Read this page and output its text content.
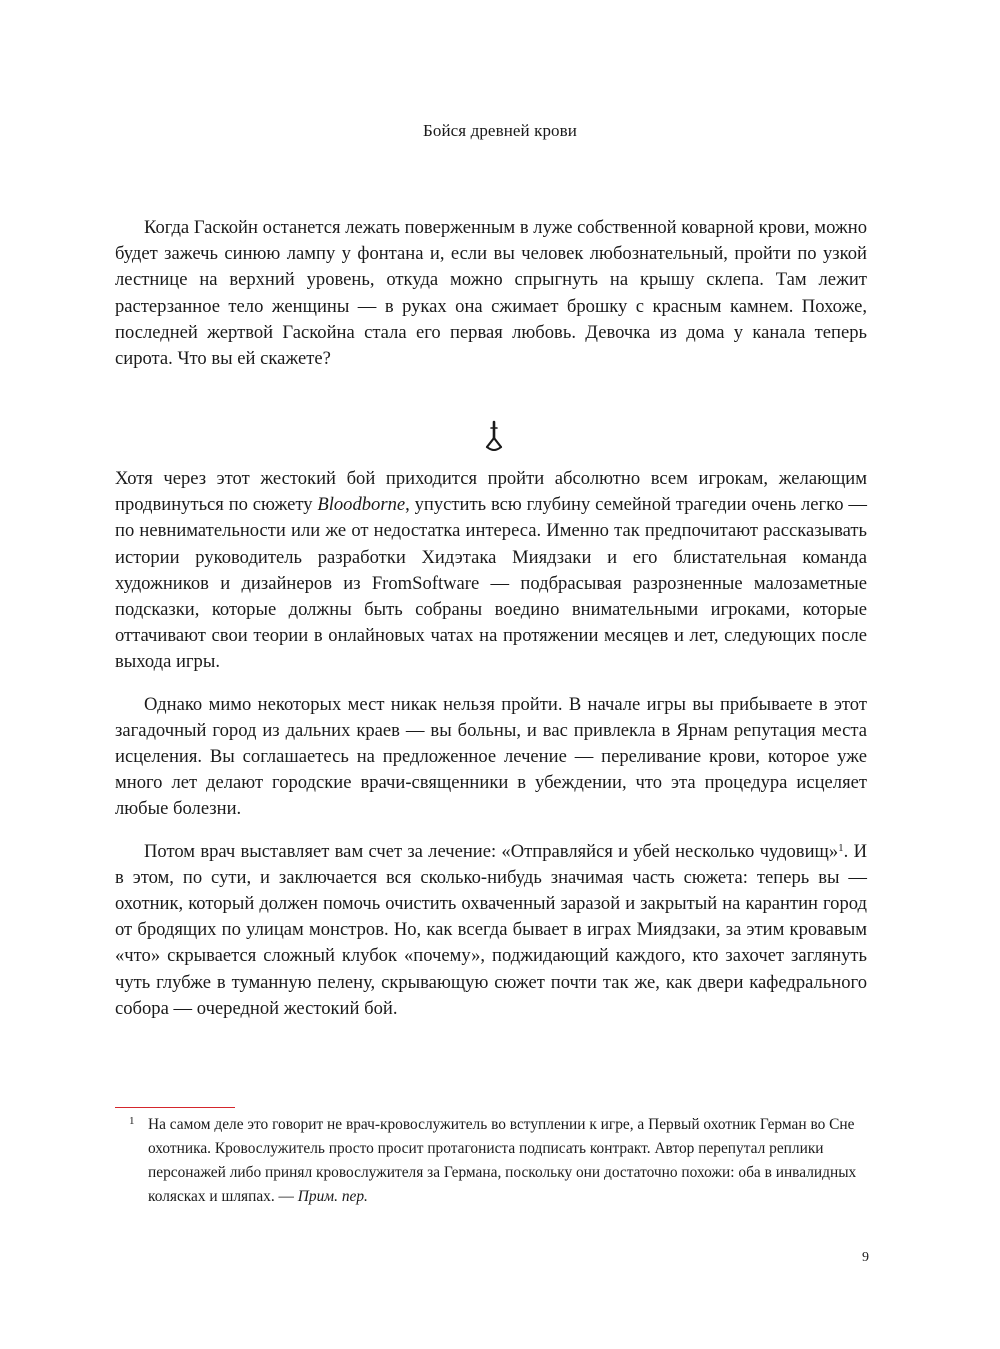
Бойся древней крови

Когда Гаскойн останется лежать поверженным в луже собственной коварной крови, можно будет зажечь синюю лампу у фонтана и, если вы человек любознательный, пройти по узкой лестнице на верхний уровень, откуда можно спрыгнуть на крышу склепа. Там лежит растерзанное тело женщины — в руках она сжимает брошку с красным камнем. Похоже, последней жертвой Гаскойна стала его первая любовь. Девочка из дома у канала теперь сирота. Что вы ей скажете?

Хотя через этот жестокий бой приходится пройти абсолютно всем игрокам, желающим продвинуться по сюжету Bloodborne, упустить всю глубину семейной трагедии очень легко — по невнимательности или же от недостатка интереса. Именно так предпочитают рассказывать истории руководитель разработки Хидэтака Миядзаки и его блистательная команда художников и дизайнеров из FromSoftware — подбрасывая разрозненные малозаметные подсказки, которые должны быть собраны воедино внимательными игроками, которые оттачивают свои теории в онлайновых чатах на протяжении месяцев и лет, следующих после выхода игры.

Однако мимо некоторых мест никак нельзя пройти. В начале игры вы прибываете в этот загадочный город из дальних краев — вы больны, и вас привлекла в Ярнам репутация места исцеления. Вы соглашаетесь на предложенное лечение — переливание крови, которое уже много лет делают городские врачи-священники в убеждении, что эта процедура исцеляет любые болезни.

Потом врач выставляет вам счет за лечение: «Отправляйся и убей несколько чудовищ»$^1$. И в этом, по сути, и заключается вся сколько-нибудь значимая часть сюжета: теперь вы — охотник, который должен помочь очистить охваченный заразой и закрытый на карантин город от бродящих по улицам монстров. Но, как всегда бывает в играх Миядзаки, за этим кровавым «что» скрывается сложный клубок «почему», поджидающий каждого, кто захочет заглянуть чуть глубже в туманную пелену, скрывающую сюжет почти так же, как двери кафедрального собора — очередной жестокий бой.

1 На самом деле это говорит не врач-кровослужитель во вступлении к игре, а Первый охотник Герман во Сне охотника. Кровослужитель просто просит протагониста подписать контракт. Автор перепутал реплики персонажей либо принял кровослужителя за Германа, поскольку они достаточно похожи: оба в инвалидных колясках и шляпах. — Прим. пер.
9
